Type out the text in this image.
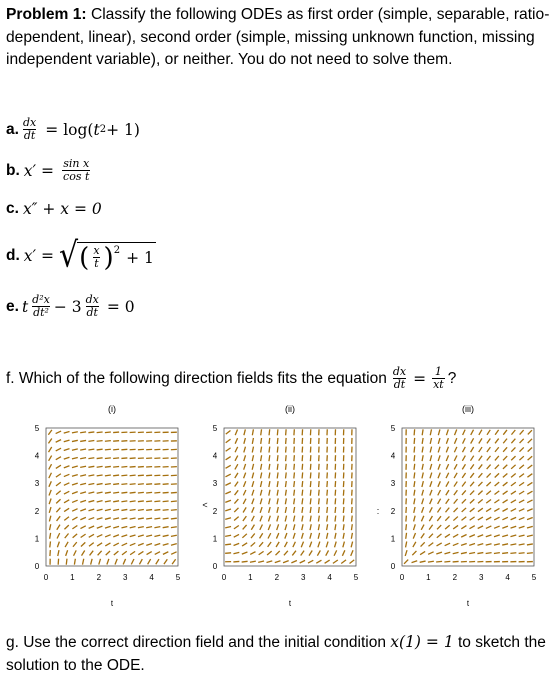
Problem 1: Classify the following ODEs as first order (simple, separable, ratio-dependent, linear), second order (simple, missing unknown function, missing independent variable), or neither. You do not need to solve them.
a. $\frac{dx}{dt} = \log$( t 2 + 1)
b. $x' = \frac{\text{sin x}}{\text{cos t}}$
c. x″ + x = 0
d. x′ = √ ( $\frac{x}{t} )^2 + 1$
e. t $\frac{\text{d²x}}{\text{dt²}} - 3 \frac{dx}{dt} = 0$
f. Which of the following direction fields fits the equation $\frac{dx}{dt} = \frac{1}{xt}$ ?
(i)
0
0
1
1
2
2
3
3
4
4
5
5
t
(ii)
0
0
1
1
2
2
3
3
4
4
5
5
t
(iii)
0
0
1
1
2
2
3
3
4
4
5
5
t
<
:
g. Use the correct direction field and the initial condition x(1) = 1 to sketch the solution to the ODE.
